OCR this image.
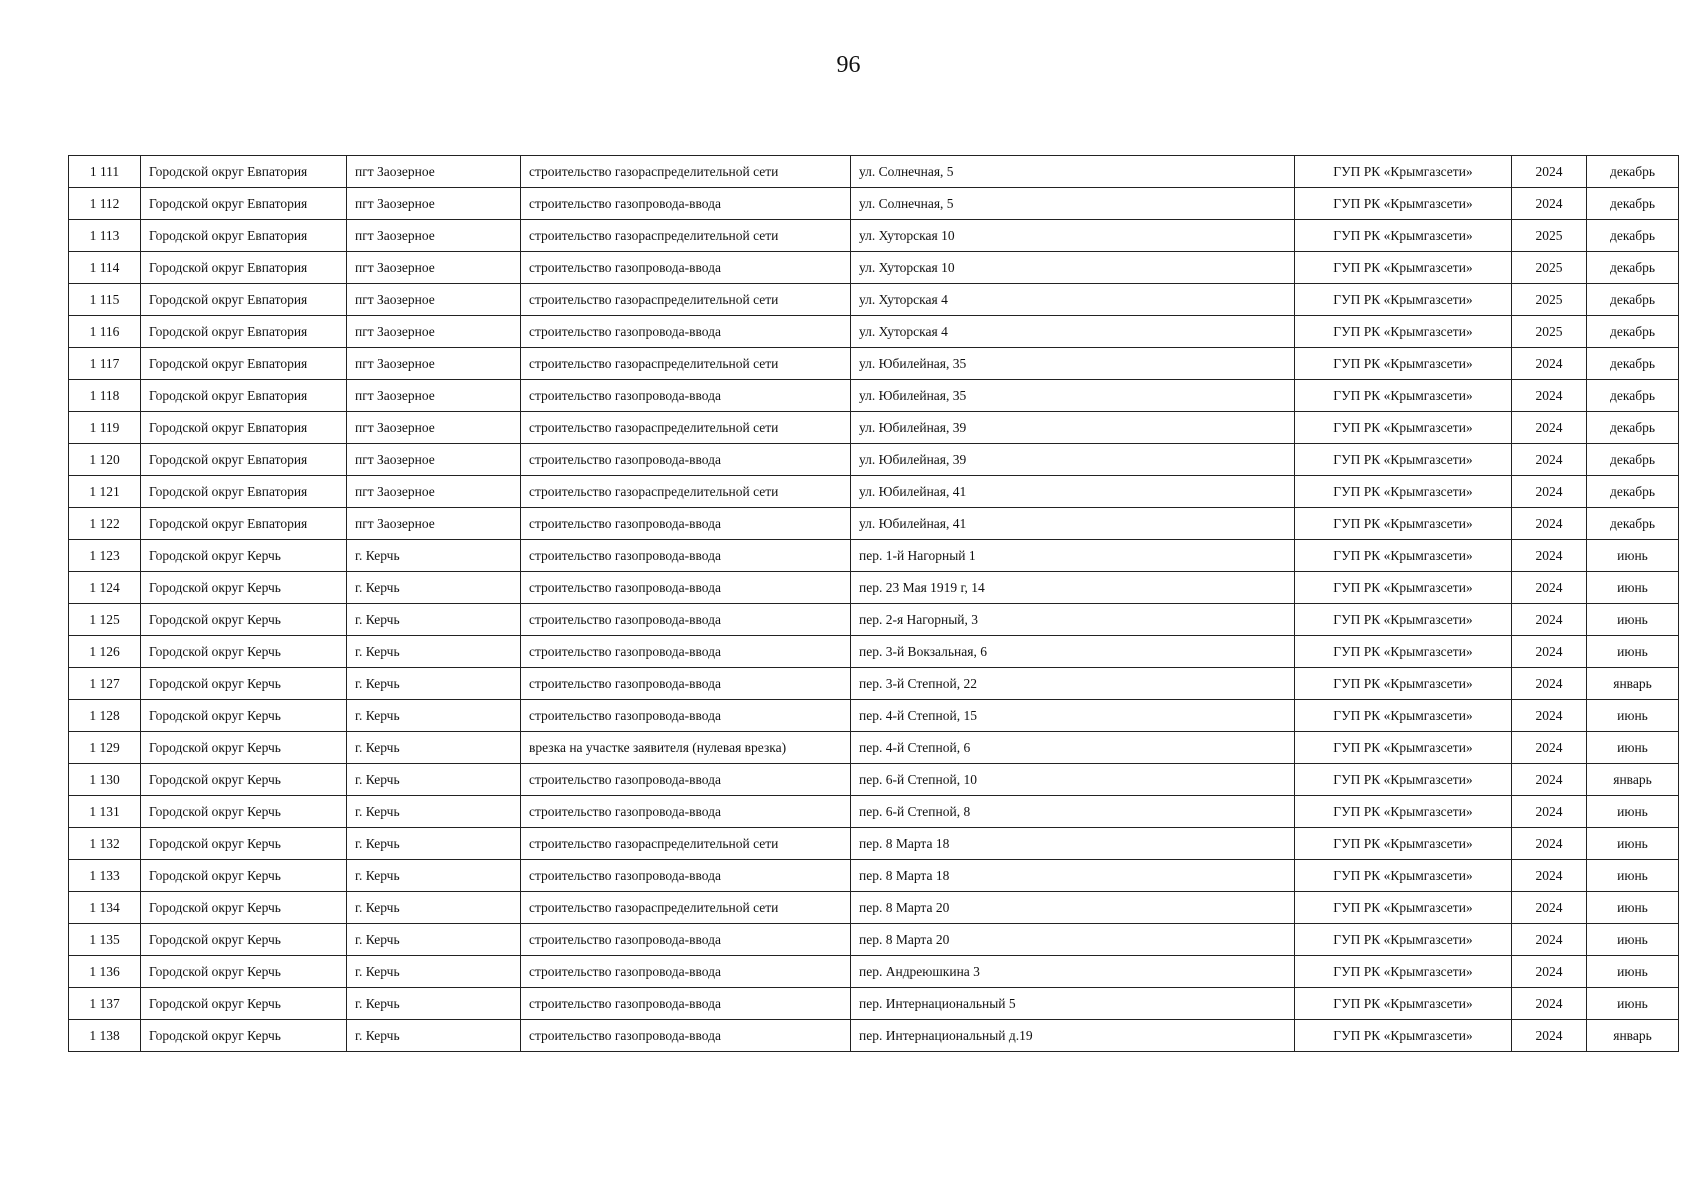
96
1 111	Городской округ Евпатория	пгт Заозерное	строительство газораспределительной сети	ул. Солнечная, 5	ГУП РК «Крымгазсети»	2024	декабрь
1 112	Городской округ Евпатория	пгт Заозерное	строительство газопровода-ввода	ул. Солнечная, 5	ГУП РК «Крымгазсети»	2024	декабрь
1 113	Городской округ Евпатория	пгт Заозерное	строительство газораспределительной сети	ул. Хуторская 10	ГУП РК «Крымгазсети»	2025	декабрь
1 114	Городской округ Евпатория	пгт Заозерное	строительство газопровода-ввода	ул. Хуторская 10	ГУП РК «Крымгазсети»	2025	декабрь
1 115	Городской округ Евпатория	пгт Заозерное	строительство газораспределительной сети	ул. Хуторская 4	ГУП РК «Крымгазсети»	2025	декабрь
1 116	Городской округ Евпатория	пгт Заозерное	строительство газопровода-ввода	ул. Хуторская 4	ГУП РК «Крымгазсети»	2025	декабрь
1 117	Городской округ Евпатория	пгт Заозерное	строительство газораспределительной сети	ул. Юбилейная, 35	ГУП РК «Крымгазсети»	2024	декабрь
1 118	Городской округ Евпатория	пгт Заозерное	строительство газопровода-ввода	ул. Юбилейная, 35	ГУП РК «Крымгазсети»	2024	декабрь
1 119	Городской округ Евпатория	пгт Заозерное	строительство газораспределительной сети	ул. Юбилейная, 39	ГУП РК «Крымгазсети»	2024	декабрь
1 120	Городской округ Евпатория	пгт Заозерное	строительство газопровода-ввода	ул. Юбилейная, 39	ГУП РК «Крымгазсети»	2024	декабрь
1 121	Городской округ Евпатория	пгт Заозерное	строительство газораспределительной сети	ул. Юбилейная, 41	ГУП РК «Крымгазсети»	2024	декабрь
1 122	Городской округ Евпатория	пгт Заозерное	строительство газопровода-ввода	ул. Юбилейная, 41	ГУП РК «Крымгазсети»	2024	декабрь
1 123	Городской округ Керчь	г. Керчь	строительство газопровода-ввода	пер. 1-й Нагорный 1	ГУП РК «Крымгазсети»	2024	июнь
1 124	Городской округ Керчь	г. Керчь	строительство газопровода-ввода	пер. 23 Мая 1919 г, 14	ГУП РК «Крымгазсети»	2024	июнь
1 125	Городской округ Керчь	г. Керчь	строительство газопровода-ввода	пер. 2-я Нагорный, 3	ГУП РК «Крымгазсети»	2024	июнь
1 126	Городской округ Керчь	г. Керчь	строительство газопровода-ввода	пер. 3-й Вокзальная, 6	ГУП РК «Крымгазсети»	2024	июнь
1 127	Городской округ Керчь	г. Керчь	строительство газопровода-ввода	пер. 3-й Степной, 22	ГУП РК «Крымгазсети»	2024	январь
1 128	Городской округ Керчь	г. Керчь	строительство газопровода-ввода	пер. 4-й Степной, 15	ГУП РК «Крымгазсети»	2024	июнь
1 129	Городской округ Керчь	г. Керчь	врезка на участке заявителя (нулевая врезка)	пер. 4-й Степной, 6	ГУП РК «Крымгазсети»	2024	июнь
1 130	Городской округ Керчь	г. Керчь	строительство газопровода-ввода	пер. 6-й Степной, 10	ГУП РК «Крымгазсети»	2024	январь
1 131	Городской округ Керчь	г. Керчь	строительство газопровода-ввода	пер. 6-й Степной, 8	ГУП РК «Крымгазсети»	2024	июнь
1 132	Городской округ Керчь	г. Керчь	строительство газораспределительной сети	пер. 8 Марта 18	ГУП РК «Крымгазсети»	2024	июнь
1 133	Городской округ Керчь	г. Керчь	строительство газопровода-ввода	пер. 8 Марта 18	ГУП РК «Крымгазсети»	2024	июнь
1 134	Городской округ Керчь	г. Керчь	строительство газораспределительной сети	пер. 8 Марта 20	ГУП РК «Крымгазсети»	2024	июнь
1 135	Городской округ Керчь	г. Керчь	строительство газопровода-ввода	пер. 8 Марта 20	ГУП РК «Крымгазсети»	2024	июнь
1 136	Городской округ Керчь	г. Керчь	строительство газопровода-ввода	пер. Андреюшкина 3	ГУП РК «Крымгазсети»	2024	июнь
1 137	Городской округ Керчь	г. Керчь	строительство газопровода-ввода	пер. Интернациональный 5	ГУП РК «Крымгазсети»	2024	июнь
1 138	Городской округ Керчь	г. Керчь	строительство газопровода-ввода	пер. Интернациональный д.19	ГУП РК «Крымгазсети»	2024	январь
